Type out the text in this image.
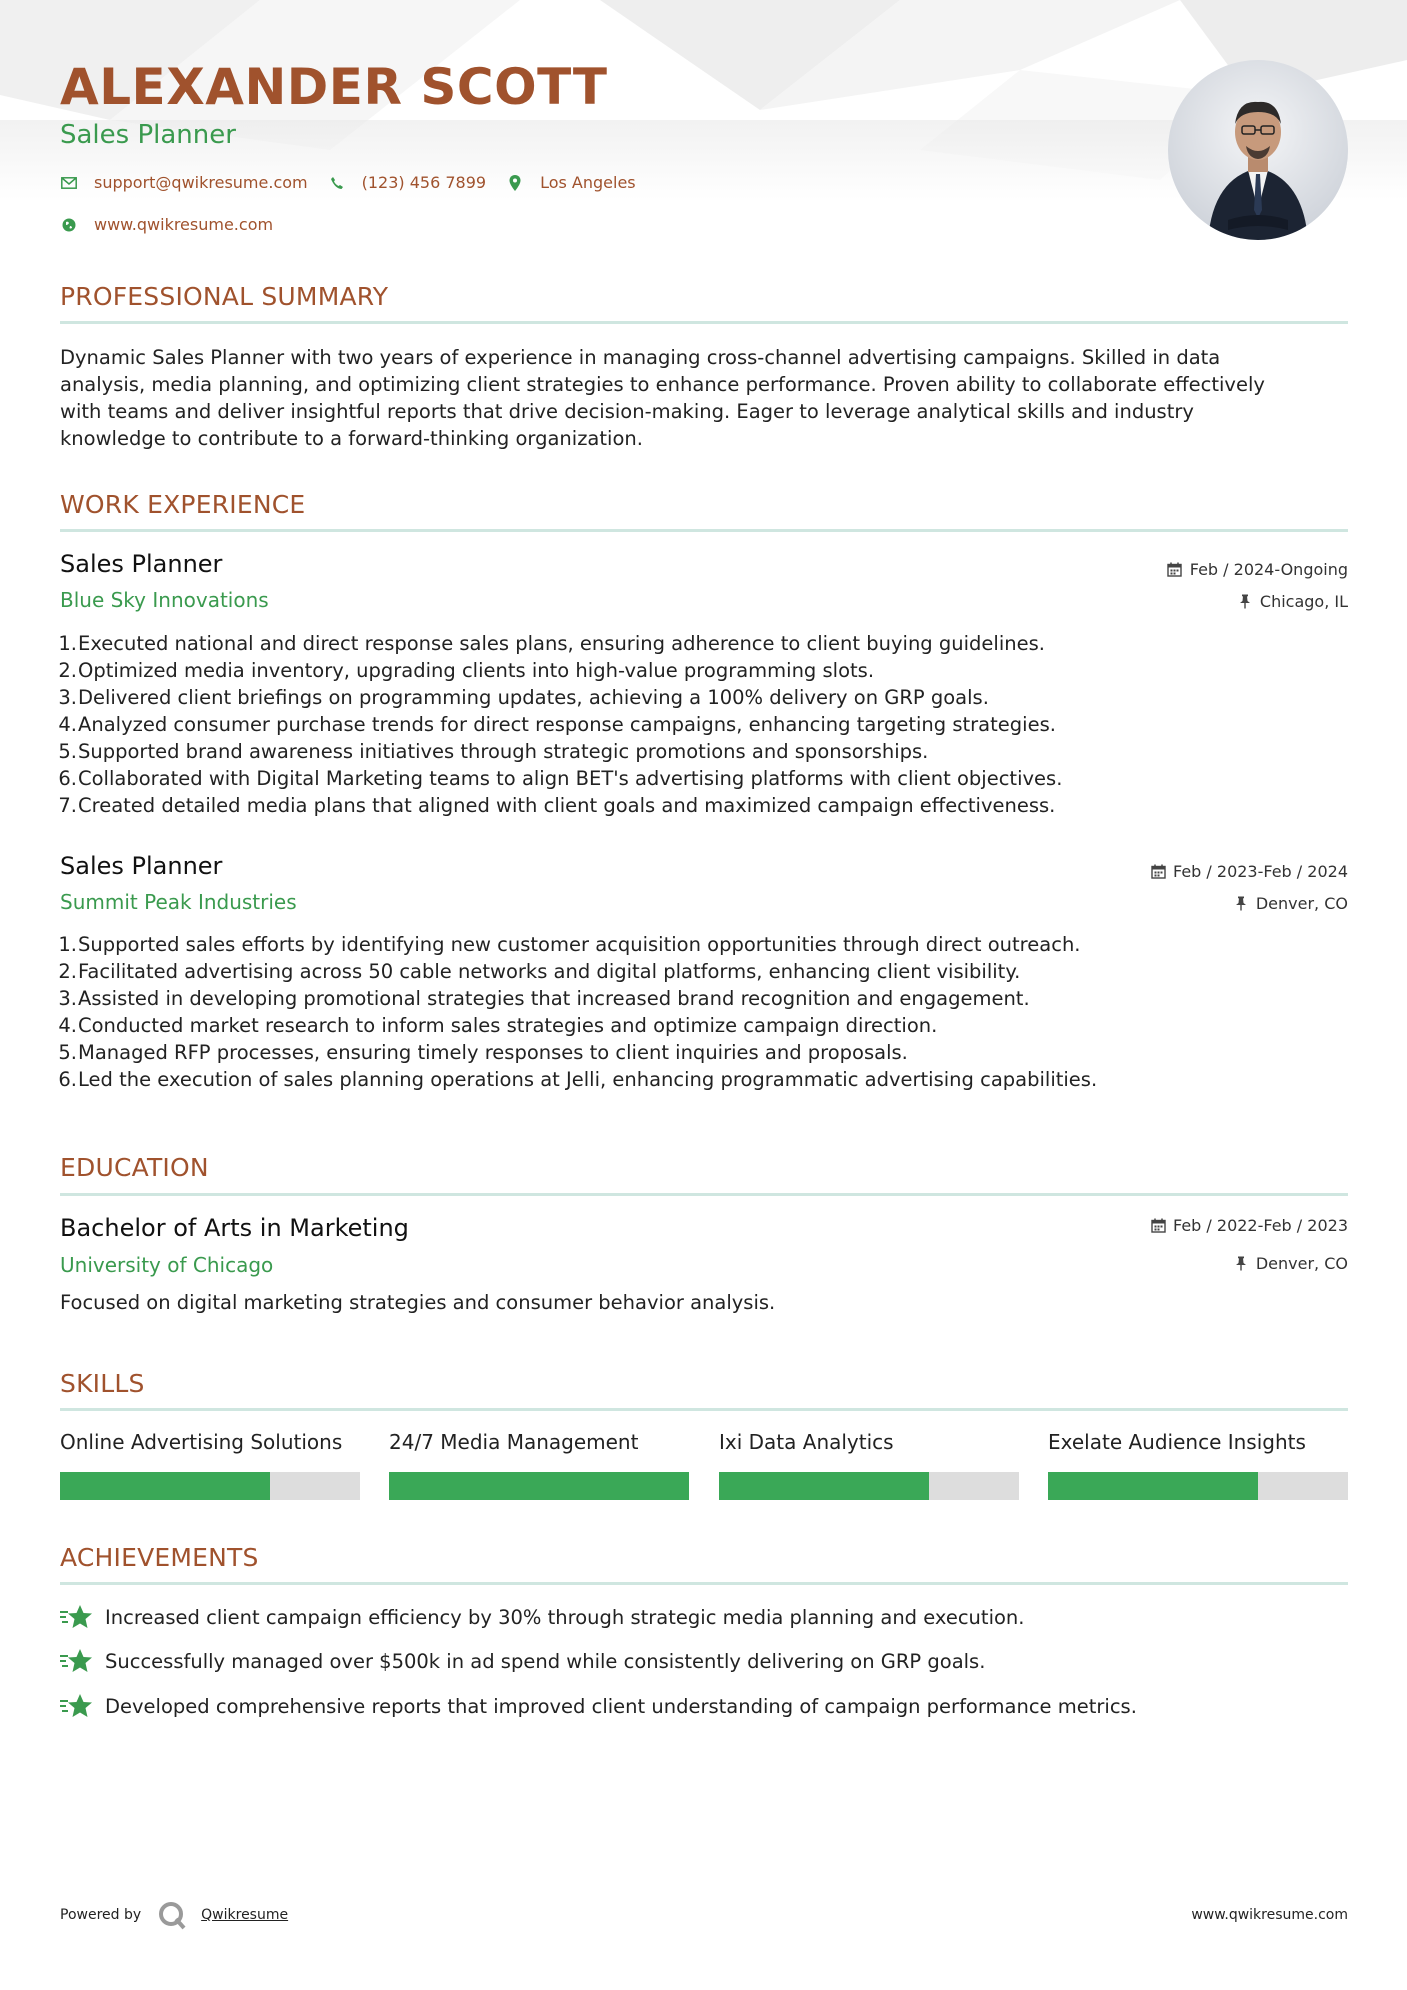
ALEXANDER SCOTT
Sales Planner
support@qwikresume.com	(123) 456 7899	Los Angeles
www.qwikresume.com
PROFESSIONAL SUMMARY
Dynamic Sales Planner with two years of experience in managing cross-channel advertising campaigns. Skilled in data
analysis, media planning, and optimizing client strategies to enhance performance. Proven ability to collaborate effectively
with teams and deliver insightful reports that drive decision-making. Eager to leverage analytical skills and industry
knowledge to contribute to a forward-thinking organization.
WORK EXPERIENCE
Sales Planner	Feb / 2024-Ongoing
Blue Sky Innovations	Chicago, IL
1. Executed national and direct response sales plans, ensuring adherence to client buying guidelines.
2. Optimized media inventory, upgrading clients into high-value programming slots.
3. Delivered client briefings on programming updates, achieving a 100% delivery on GRP goals.
4. Analyzed consumer purchase trends for direct response campaigns, enhancing targeting strategies.
5. Supported brand awareness initiatives through strategic promotions and sponsorships.
6. Collaborated with Digital Marketing teams to align BET's advertising platforms with client objectives.
7. Created detailed media plans that aligned with client goals and maximized campaign effectiveness.
Sales Planner	Feb / 2023-Feb / 2024
Summit Peak Industries	Denver, CO
1. Supported sales efforts by identifying new customer acquisition opportunities through direct outreach.
2. Facilitated advertising across 50 cable networks and digital platforms, enhancing client visibility.
3. Assisted in developing promotional strategies that increased brand recognition and engagement.
4. Conducted market research to inform sales strategies and optimize campaign direction.
5. Managed RFP processes, ensuring timely responses to client inquiries and proposals.
6. Led the execution of sales planning operations at Jelli, enhancing programmatic advertising capabilities.
EDUCATION
Bachelor of Arts in Marketing	Feb / 2022-Feb / 2023
University of Chicago	Denver, CO
Focused on digital marketing strategies and consumer behavior analysis.
SKILLS
Online Advertising Solutions	24/7 Media Management	Ixi Data Analytics	Exelate Audience Insights
ACHIEVEMENTS
Increased client campaign efficiency by 30% through strategic media planning and execution.
Successfully managed over $500k in ad spend while consistently delivering on GRP goals.
Developed comprehensive reports that improved client understanding of campaign performance metrics.
Powered by	Qwikresume	www.qwikresume.com
